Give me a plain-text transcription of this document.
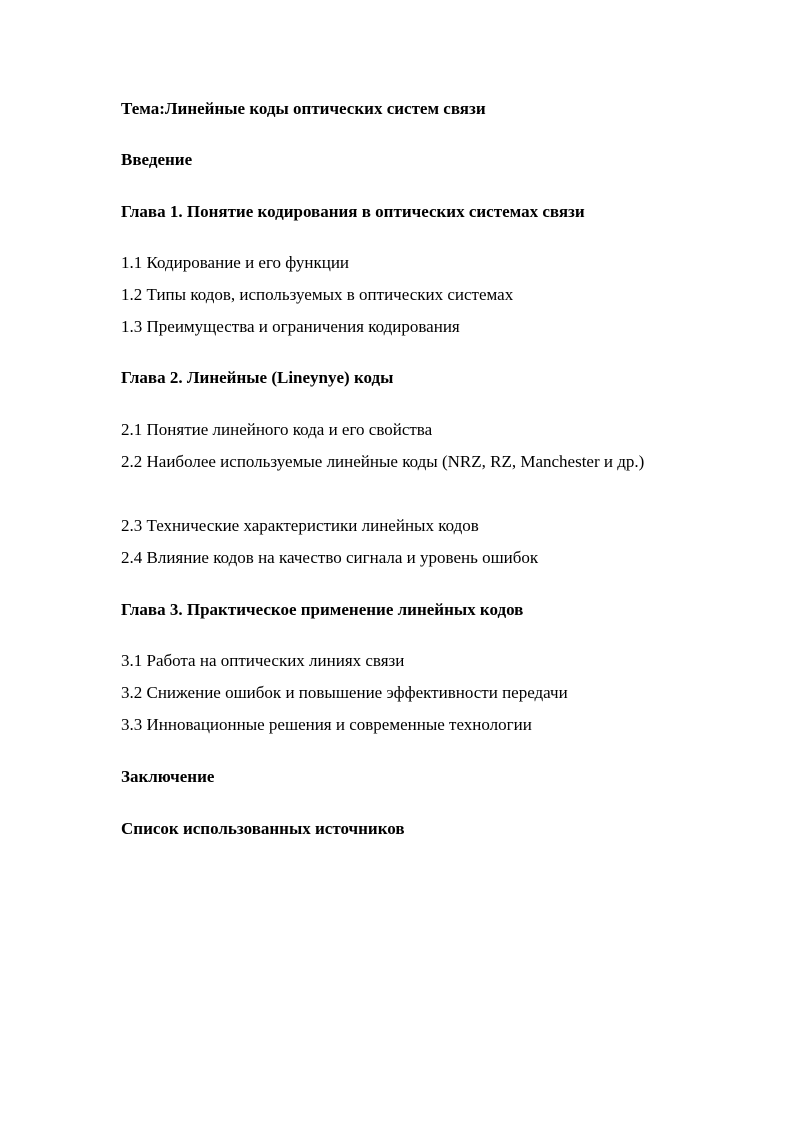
Тема:Линейные коды оптических систем связи
Введение
Глава 1. Понятие кодирования в оптических системах связи
1.1 Кодирование и его функции
1.2 Типы кодов, используемых в оптических системах
1.3 Преимущества и ограничения кодирования
Глава 2. Линейные (Lineynye) коды
2.1 Понятие линейного кода и его свойства
2.2 Наиболее используемые линейные коды (NRZ, RZ, Manchester и др.)
2.3 Технические характеристики линейных кодов
2.4 Влияние кодов на качество сигнала и уровень ошибок
Глава 3. Практическое применение линейных кодов
3.1 Работа на оптических линиях связи
3.2 Снижение ошибок и повышение эффективности передачи
3.3 Инновационные решения и современные технологии
Заключение
Список использованных источников
